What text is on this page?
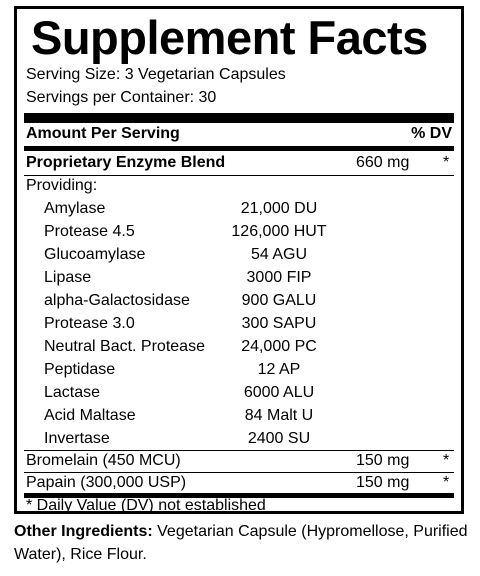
Supplement Facts
Serving Size: 3 Vegetarian Capsules
Servings per Container: 30
Amount Per Serving	% DV
Proprietary Enzyme Blend	660 mg *
Providing:
Amylase	21,000 DU
Protease 4.5	126,000 HUT
Glucoamylase	54 AGU
Lipase	3000 FIP
alpha-Galactosidase	900 GALU
Protease 3.0	300 SAPU
Neutral Bact. Protease	24,000 PC
Peptidase	12 AP
Lactase	6000 ALU
Acid Maltase	84 Malt U
Invertase	2400 SU
Bromelain (450 MCU)	150 mg *
Papain (300,000 USP)	150 mg *
* Daily Value (DV) not established
Other Ingredients: Vegetarian Capsule (Hypromellose, Purified Water), Rice Flour.
